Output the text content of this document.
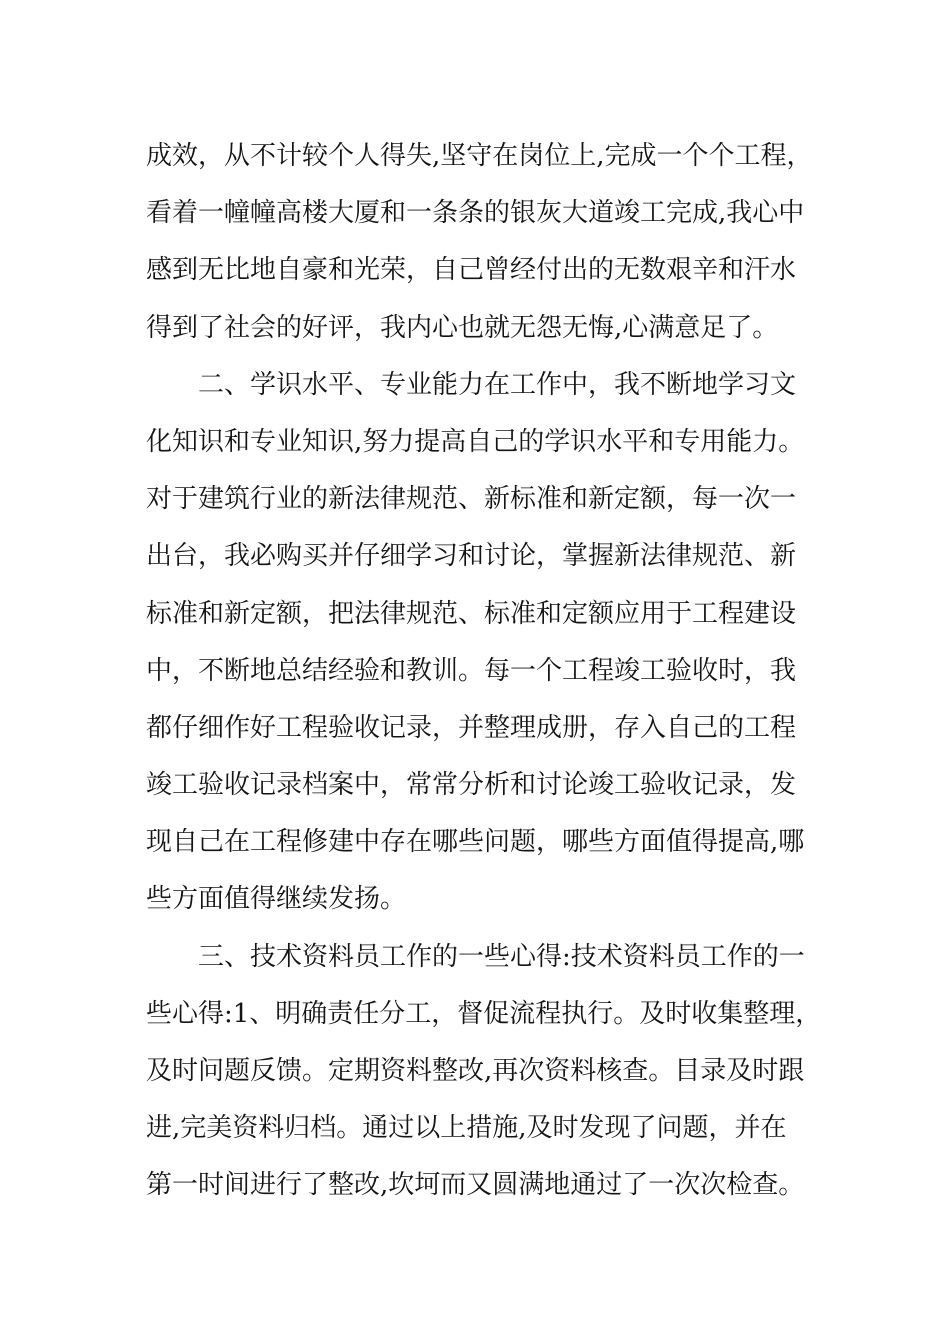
成效，从不计较个人得失,坚守在岗位上,完成一个个工程，
看着一幢幢高楼大厦和一条条的银灰大道竣工完成,我心中
感到无比地自豪和光荣，自己曾经付出的无数艰辛和汗水
得到了社会的好评，我内心也就无怨无悔,心满意足了。
二、学识水平、专业能力在工作中，我不断地学习文
化知识和专业知识,努力提高自己的学识水平和专用能力。
对于建筑行业的新法律规范、新标准和新定额，每一次一
出台，我必购买并仔细学习和讨论，掌握新法律规范、新
标准和新定额，把法律规范、标准和定额应用于工程建设
中，不断地总结经验和教训。每一个工程竣工验收时，我
都仔细作好工程验收记录，并整理成册，存入自己的工程
竣工验收记录档案中，常常分析和讨论竣工验收记录，发
现自己在工程修建中存在哪些问题，哪些方面值得提高,哪
些方面值得继续发扬。
三、技术资料员工作的一些心得:技术资料员工作的一
些心得:1、明确责任分工，督促流程执行。及时收集整理，
及时问题反馈。定期资料整改,再次资料核查。目录及时跟
进,完美资料归档。通过以上措施,及时发现了问题，并在
第一时间进行了整改,坎坷而又圆满地通过了一次次检查。
